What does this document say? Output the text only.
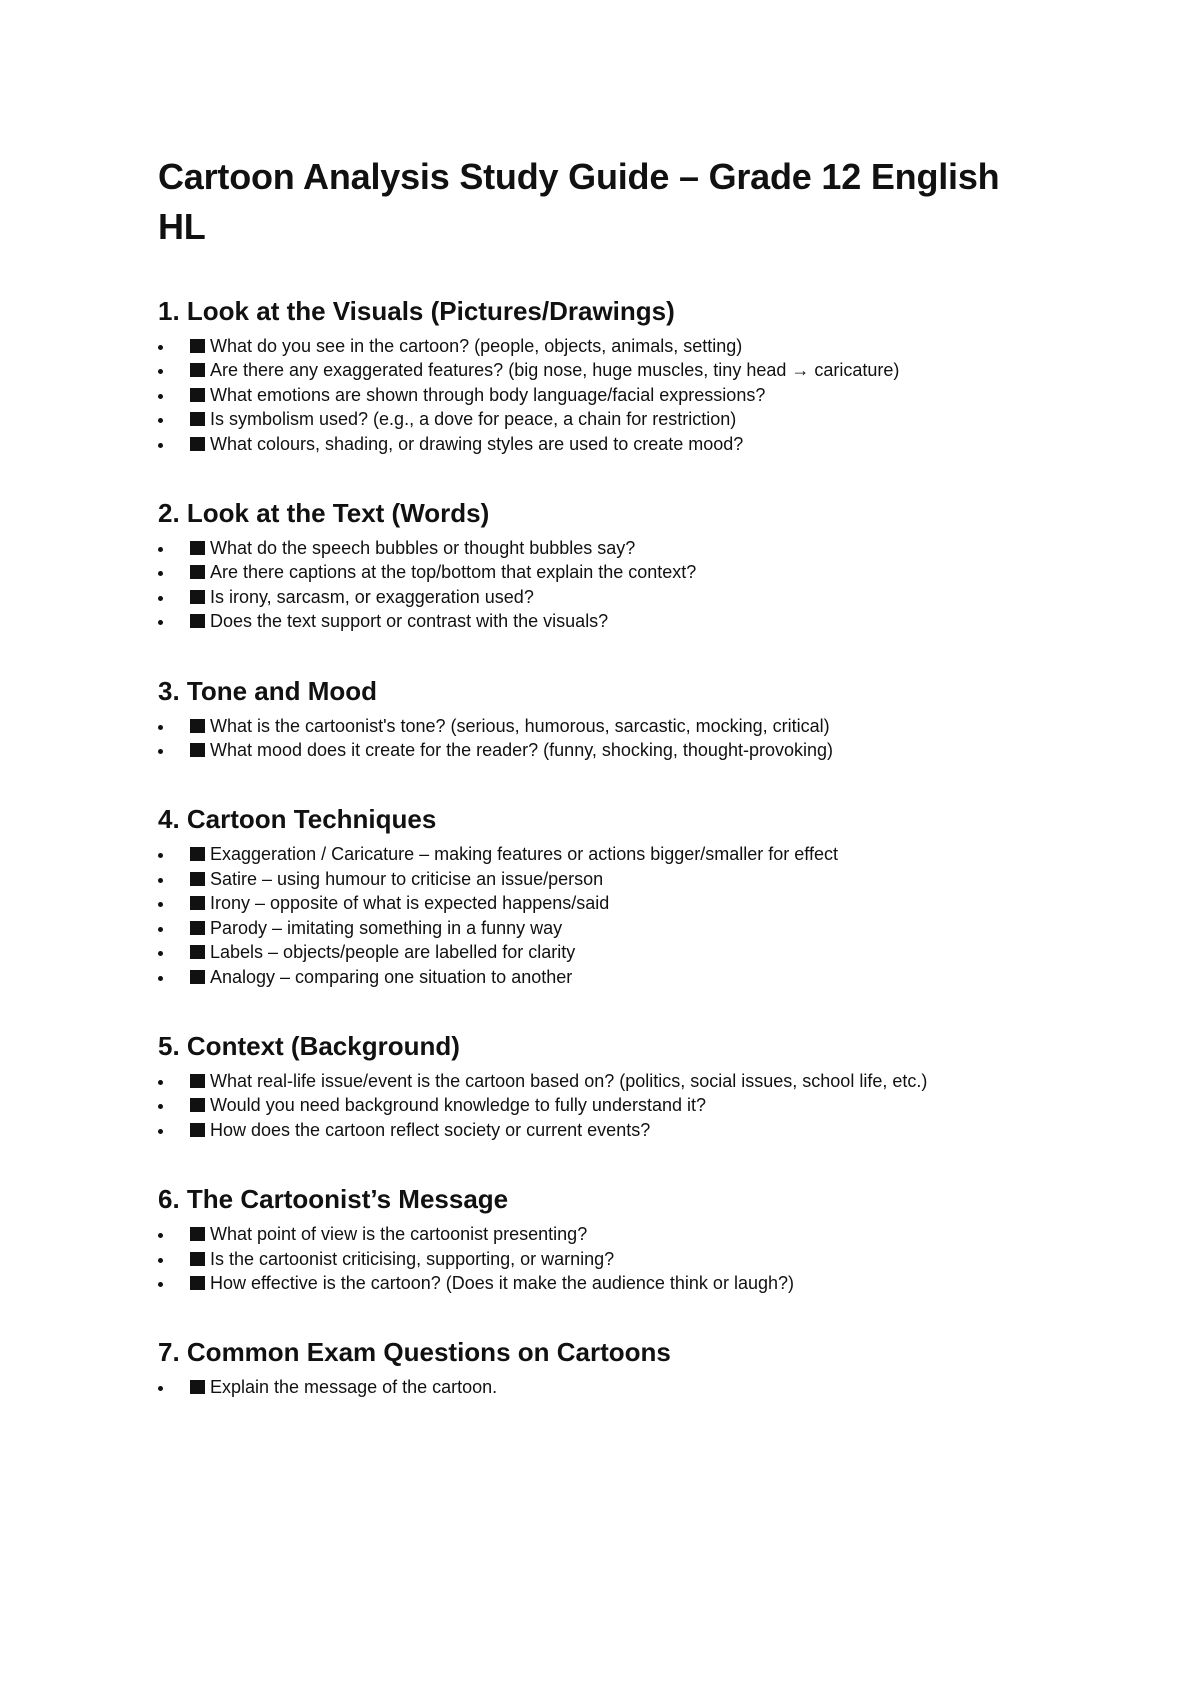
Cartoon Analysis Study Guide – Grade 12 English HL
1. Look at the Visuals (Pictures/Drawings)
What do you see in the cartoon? (people, objects, animals, setting)
Are there any exaggerated features? (big nose, huge muscles, tiny head → caricature)
What emotions are shown through body language/facial expressions?
Is symbolism used? (e.g., a dove for peace, a chain for restriction)
What colours, shading, or drawing styles are used to create mood?
2. Look at the Text (Words)
What do the speech bubbles or thought bubbles say?
Are there captions at the top/bottom that explain the context?
Is irony, sarcasm, or exaggeration used?
Does the text support or contrast with the visuals?
3. Tone and Mood
What is the cartoonist's tone? (serious, humorous, sarcastic, mocking, critical)
What mood does it create for the reader? (funny, shocking, thought-provoking)
4. Cartoon Techniques
Exaggeration / Caricature – making features or actions bigger/smaller for effect
Satire – using humour to criticise an issue/person
Irony – opposite of what is expected happens/said
Parody – imitating something in a funny way
Labels – objects/people are labelled for clarity
Analogy – comparing one situation to another
5. Context (Background)
What real-life issue/event is the cartoon based on? (politics, social issues, school life, etc.)
Would you need background knowledge to fully understand it?
How does the cartoon reflect society or current events?
6. The Cartoonist’s Message
What point of view is the cartoonist presenting?
Is the cartoonist criticising, supporting, or warning?
How effective is the cartoon? (Does it make the audience think or laugh?)
7. Common Exam Questions on Cartoons
Explain the message of the cartoon.
